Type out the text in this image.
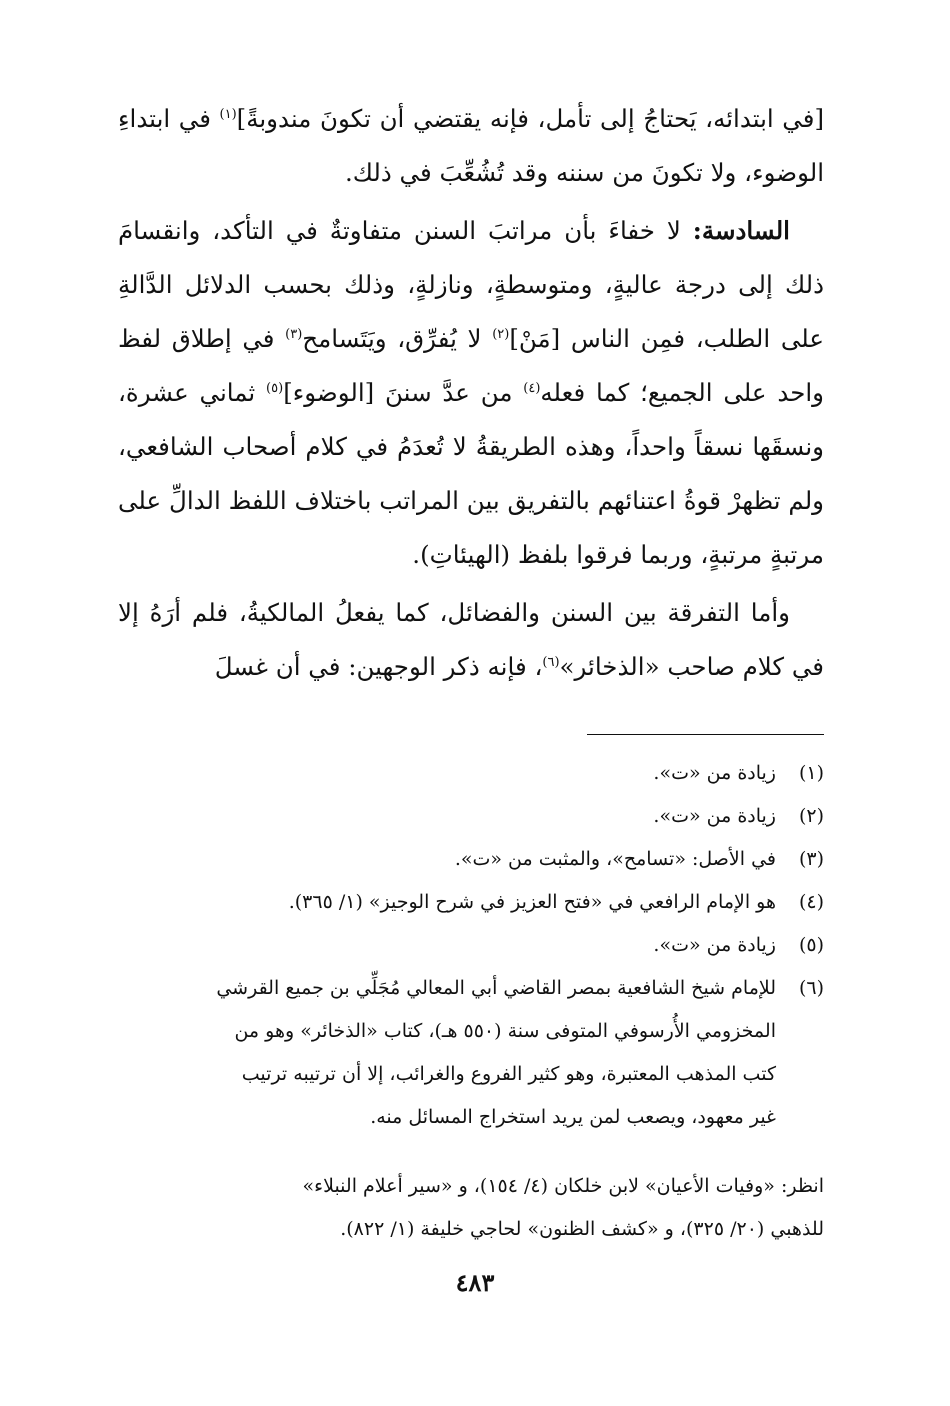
[في ابتدائه، يَحتاجُ إلى تأمل، فإنه يقتضي أن تكونَ مندوبةً]$^{(١)}$ في ابتداءِ الوضوء، ولا تكونَ من سننه وقد تُشُعِّبَ في ذلك.

السادسة: لا خفاءَ بأن مراتبَ السنن متفاوتةٌ في التأكد، وانقسامَ ذلك إلى درجة عاليةٍ، ومتوسطةٍ، ونازلةٍ، وذلك بحسب الدلائل الدَّالةِ على الطلب، فمِن الناس [مَنْ]$^{(٢)}$ لا يُفرِّق، ويَتَسامح$^{(٣)}$ في إطلاق لفظ واحد على الجميع؛ كما فعله$^{(٤)}$ من عدَّ سننَ [الوضوء]$^{(٥)}$ ثماني عشرة، ونسقَها نسقاً واحداً، وهذه الطريقةُ لا تُعدَمُ في كلام أصحاب الشافعي، ولم تظهرْ قوةُ اعتنائهم بالتفريق بين المراتب باختلاف اللفظ الدالِّ على مرتبةٍ مرتبةٍ، وربما فرقوا بلفظ (الهيئاتِ).

وأما التفرقة بين السنن والفضائل، كما يفعلُ المالكيةُ، فلم أرَهُ إلا في كلام صاحب «الذخائر»$^{(٦)}$، فإنه ذكر الوجهين: في أن غسلَ

(١)
زيادة من «ت».
(٢)
زيادة من «ت».
(٣)
في الأصل: «تسامح»، والمثبت من «ت».
(٤)
هو الإمام الرافعي في «فتح العزيز في شرح الوجيز» (١/ ٣٦٥).
(٥)
زيادة من «ت».
(٦)
للإمام شيخ الشافعية بمصر القاضي أبي المعالي مُجَلِّي بن جميع القرشي
المخزومي الأُرسوفي المتوفى سنة (٥٥٠ هـ)، كتاب «الذخائر» وهو من
كتب المذهب المعتبرة، وهو كثير الفروع والغرائب، إلا أن ترتيبه ترتيب
غير معهود، ويصعب لمن يريد استخراج المسائل منه.
انظر: «وفيات الأعيان» لابن خلكان (٤/ ١٥٤)، و «سير أعلام النبلاء»
للذهبي (٢٠/ ٣٢٥)، و «كشف الظنون» لحاجي خليفة (١/ ٨٢٢).
٤٨٣
